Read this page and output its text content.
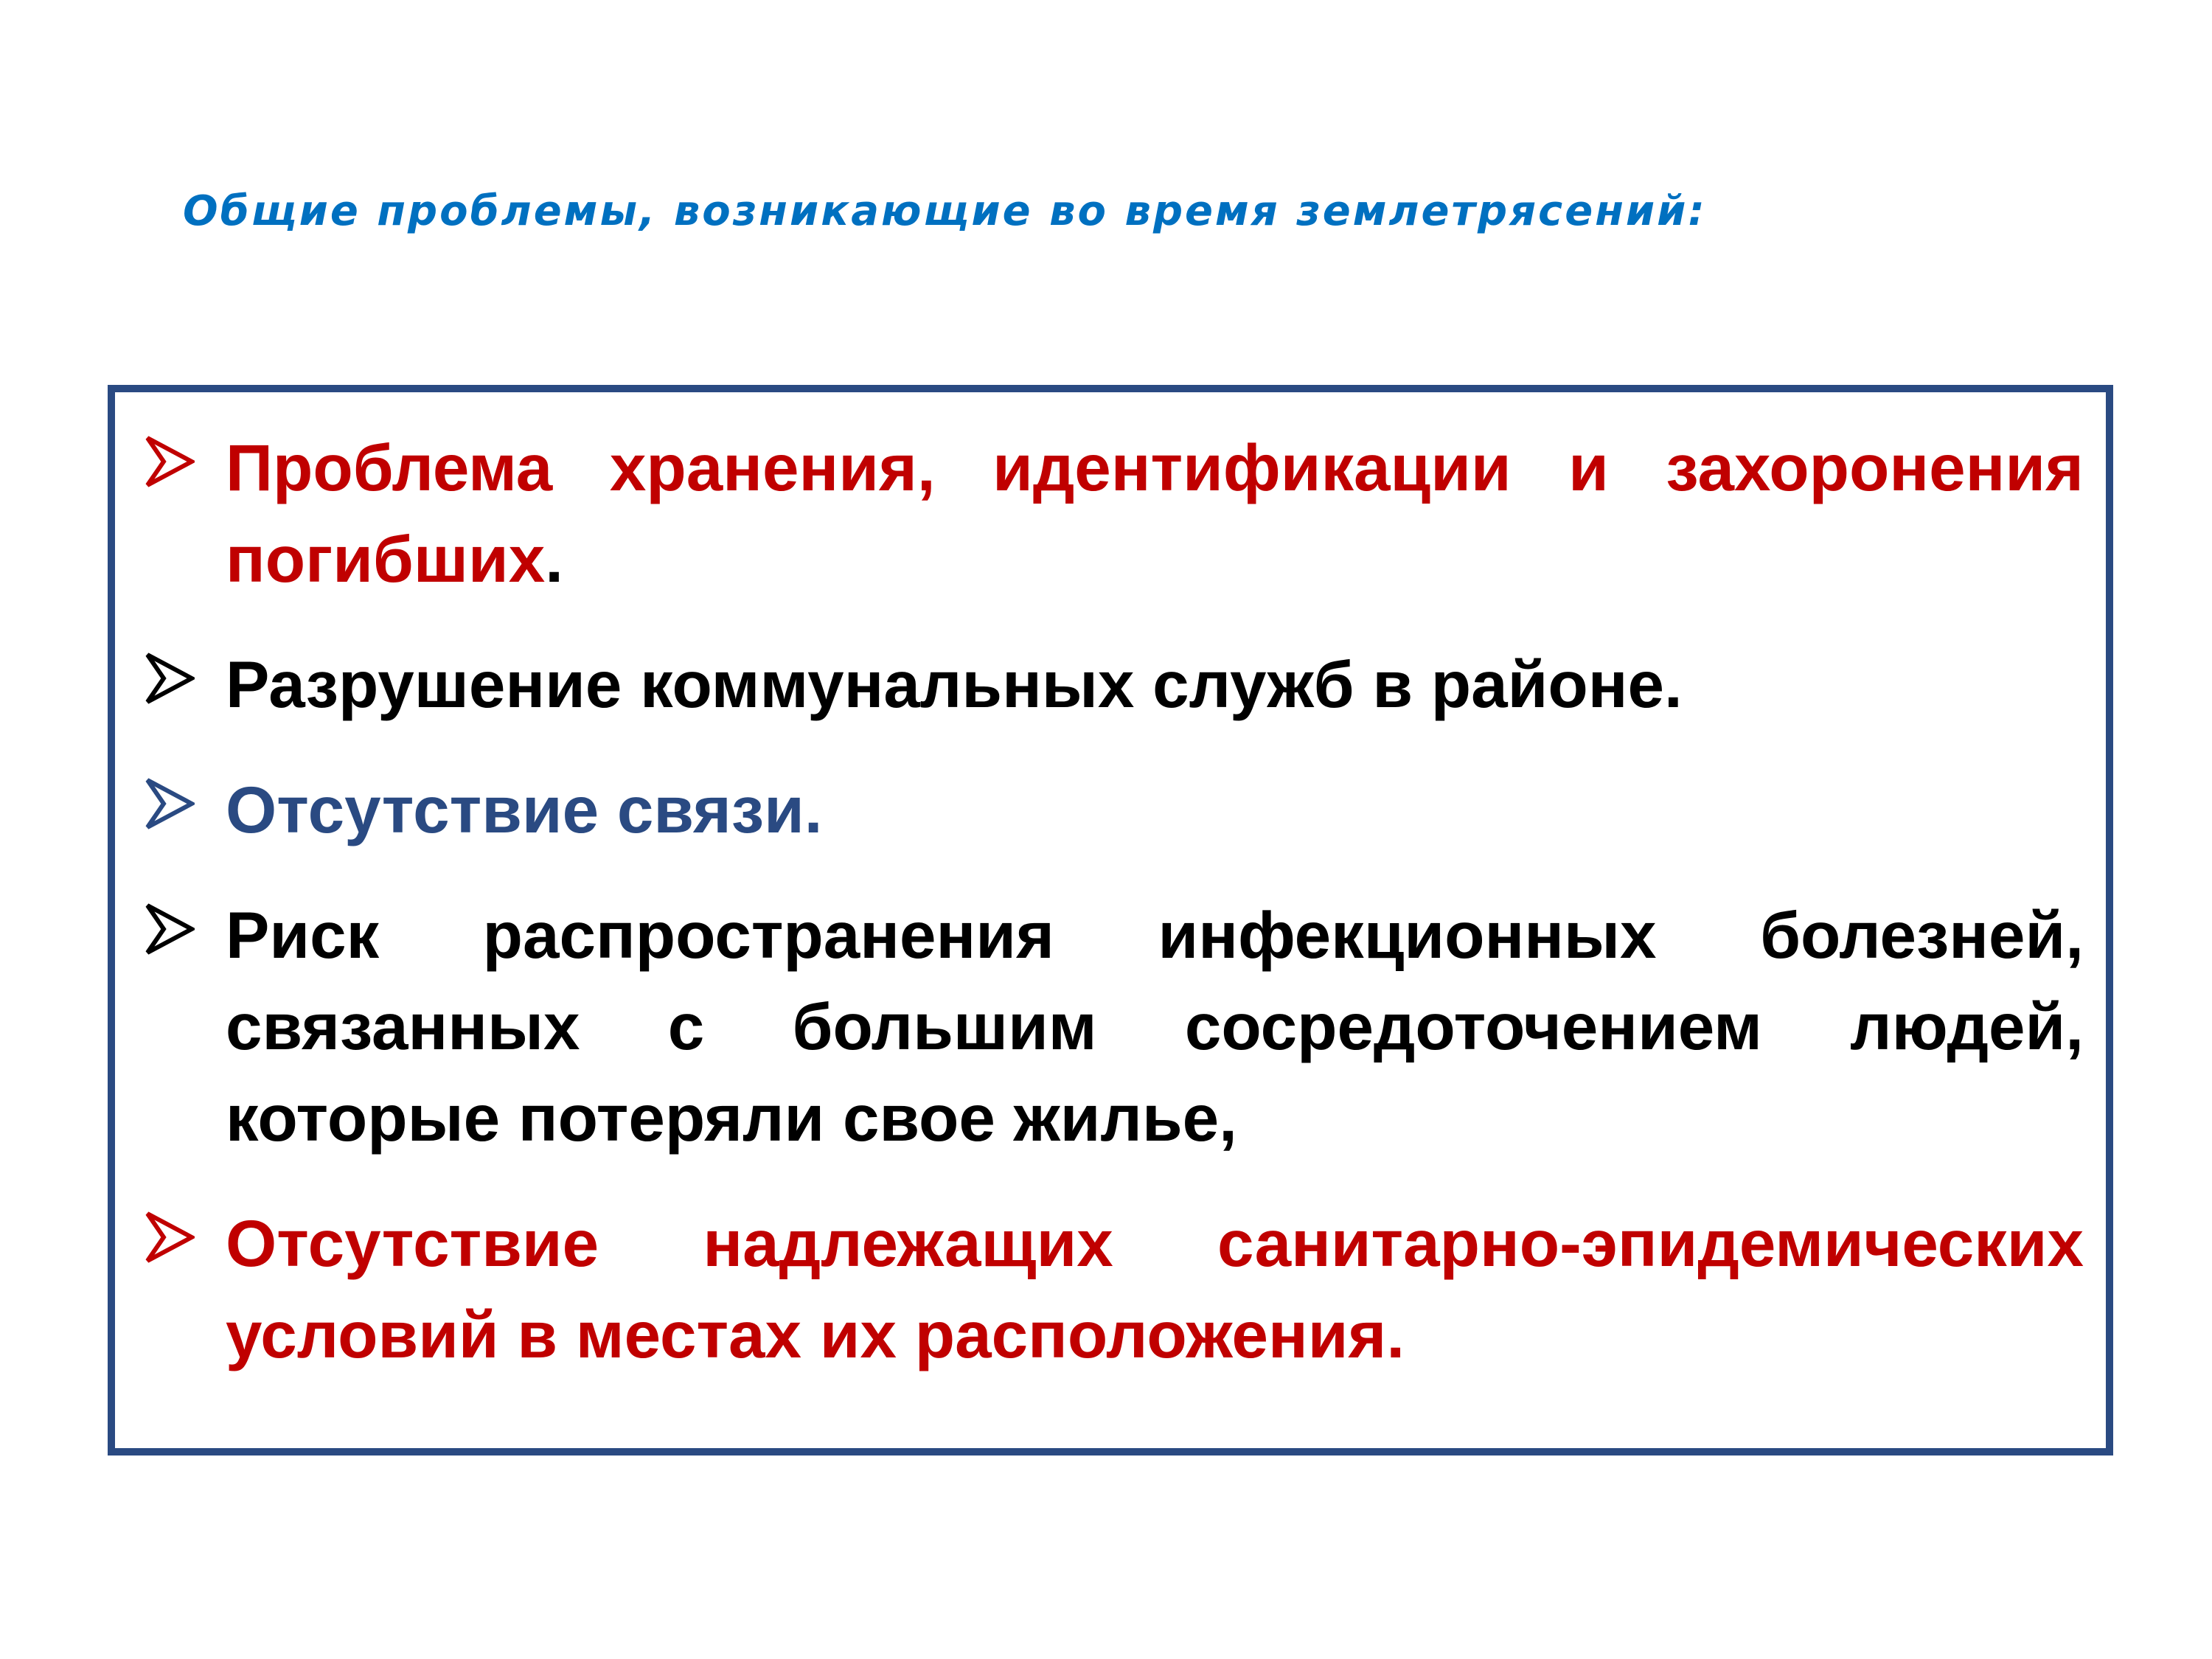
Общие проблемы, возникающие во время землетрясений:
Проблема хранения, идентификации и захоронения погибших.
Разрушение коммунальных служб в районе.
Отсутствие связи.
Риск распространения инфекционных болезней, связанных с большим сосредоточением людей, которые потеряли свое жилье,
Отсутствие надлежащих санитарно-эпидемических условий в местах их расположения.
